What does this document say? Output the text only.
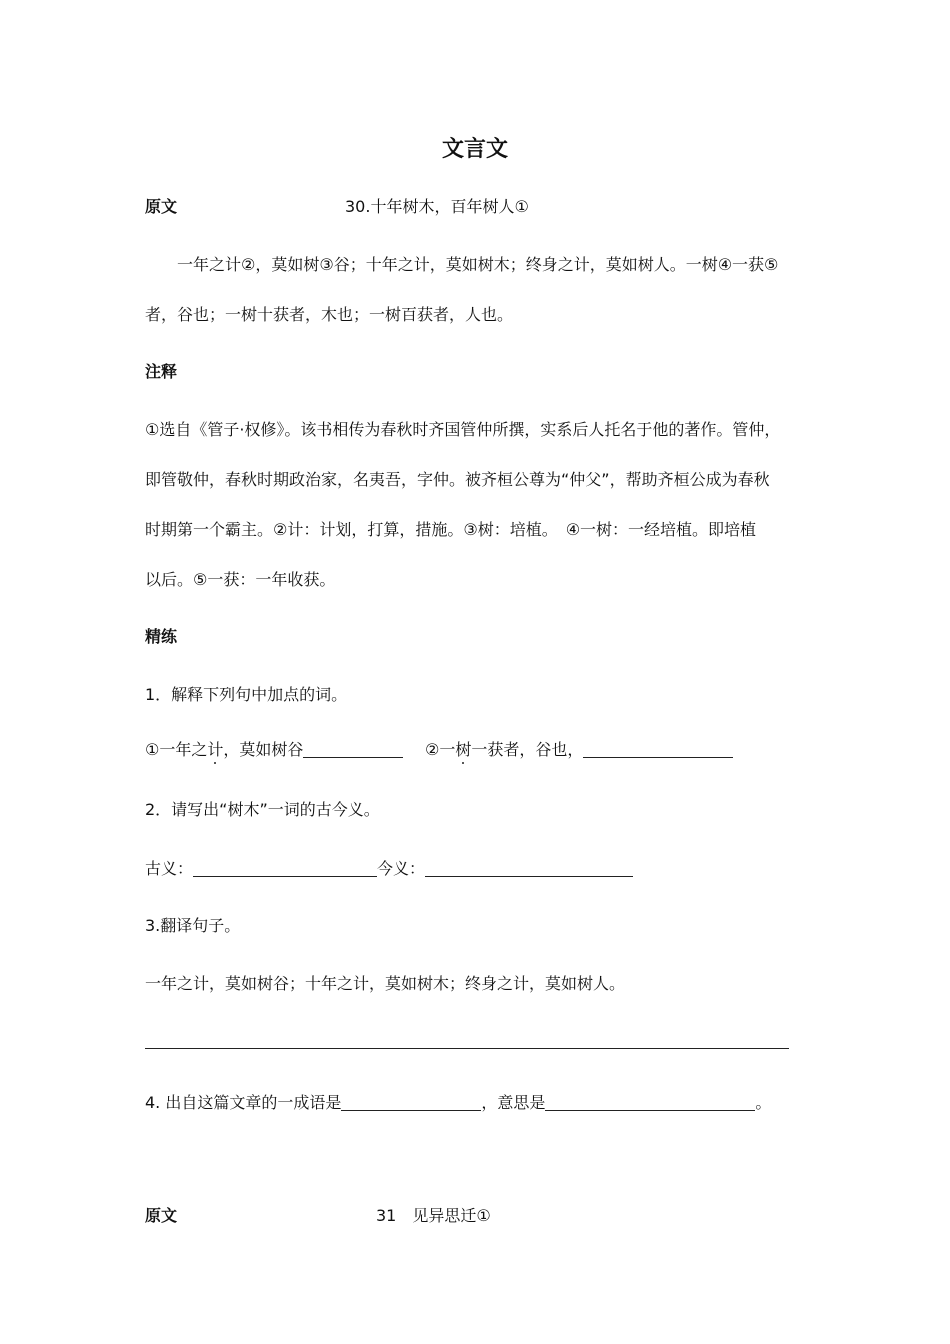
文言文
原文	30.十年树木，百年树人①
一年之计②，莫如树③谷；十年之计，莫如树木；终身之计，莫如树人。一树④一获⑤
者，谷也；一树十获者，木也；一树百获者，人也。
注释
①选自《管子·权修》。该书相传为春秋时齐国管仲所撰，实系后人托名于他的著作。管仲，
即管敬仲，春秋时期政治家，名夷吾，字仲。被齐桓公尊为“仲父”，帮助齐桓公成为春秋
时期第一个霸主。②计：计划，打算，措施。③树：培植。　④一树：一经培植。即培植
以后。⑤一获：一年收获。
精练
1．解释下列句中加点的词。
①一年之计，莫如树谷	②一树一获者，谷也，
2．请写出“树木”一词的古今义。
古义：	今义：
3.翻译句子。
一年之计，莫如树谷；十年之计，莫如树木；终身之计，莫如树人。
4. 出自这篇文章的一成语是	，意思是	。
原文	31　见异思迁①
